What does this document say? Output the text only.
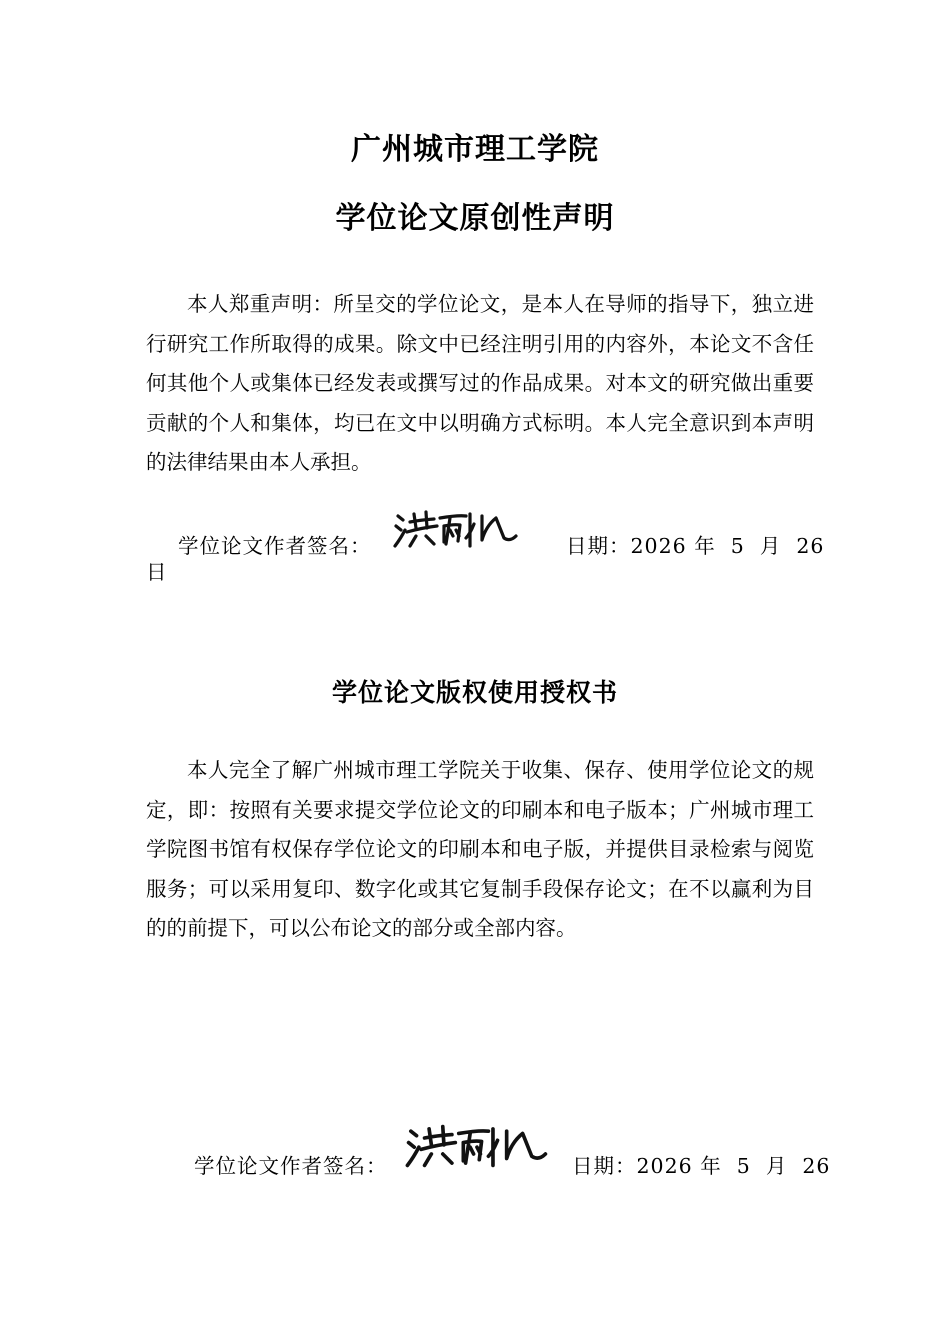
广州城市理工学院
学位论文原创性声明

本人郑重声明：所呈交的学位论文，是本人在导师的指导下，独立进行研究工作所取得的成果。除文中已经注明引用的内容外，本论文不含任何其他个人或集体已经发表或撰写过的作品成果。对本文的研究做出重要贡献的个人和集体，均已在文中以明确方式标明。本人完全意识到本声明的法律结果由本人承担。

学位论文作者签名：	日期：2026 年 5 月 26
日
学位论文版权使用授权书

本人完全了解广州城市理工学院关于收集、保存、使用学位论文的规定，即：按照有关要求提交学位论文的印刷本和电子版本；广州城市理工学院图书馆有权保存学位论文的印刷本和电子版，并提供目录检索与阅览服务；可以采用复印、数字化或其它复制手段保存论文；在不以赢利为目的的前提下，可以公布论文的部分或全部内容。

学位论文作者签名：	日期：2026 年 5 月 26
